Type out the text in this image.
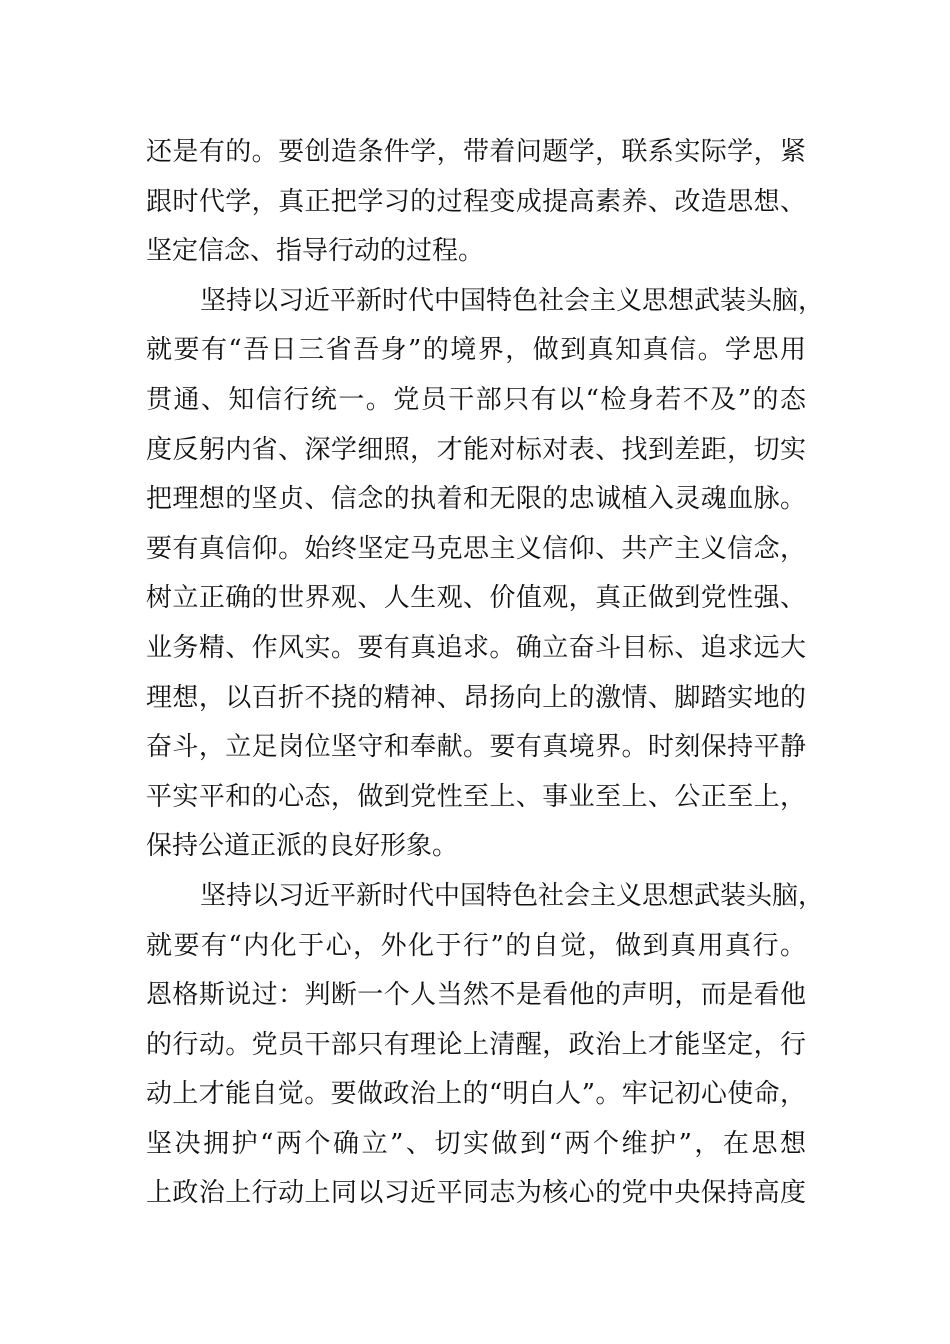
还是有的。要创造条件学，带着问题学，联系实际学，紧
跟时代学，真正把学习的过程变成提高素养、改造思想、
坚定信念、指导行动的过程。
坚持以习近平新时代中国特色社会主义思想武装头脑，
就要有“吾日三省吾身”的境界，做到真知真信。学思用
贯通、知信行统一。党员干部只有以“检身若不及”的态
度反躬内省、深学细照，才能对标对表、找到差距，切实
把理想的坚贞、信念的执着和无限的忠诚植入灵魂血脉。
要有真信仰。始终坚定马克思主义信仰、共产主义信念，
树立正确的世界观、人生观、价值观，真正做到党性强、
业务精、作风实。要有真追求。确立奋斗目标、追求远大
理想，以百折不挠的精神、昂扬向上的激情、脚踏实地的
奋斗，立足岗位坚守和奉献。要有真境界。时刻保持平静
平实平和的心态，做到党性至上、事业至上、公正至上，
保持公道正派的良好形象。
坚持以习近平新时代中国特色社会主义思想武装头脑，
就要有“内化于心，外化于行”的自觉，做到真用真行。
恩格斯说过：判断一个人当然不是看他的声明，而是看他
的行动。党员干部只有理论上清醒，政治上才能坚定，行
动上才能自觉。要做政治上的“明白人”。牢记初心使命，
坚决拥护“两个确立”、切实做到“两个维护”，在思想
上政治上行动上同以习近平同志为核心的党中央保持高度
